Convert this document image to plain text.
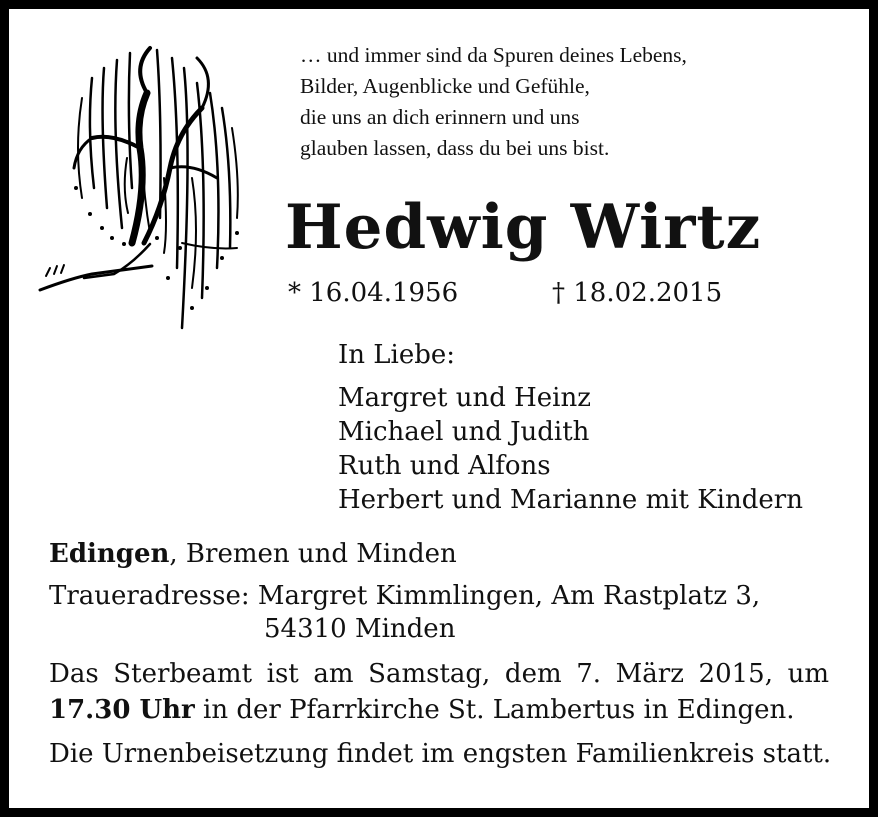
… und immer sind da Spuren deines Lebens,
Bilder, Augenblicke und Gefühle,
die uns an dich erinnern und uns
glauben lassen, dass du bei uns bist.
Hedwig Wirtz
* 16.04.1956	† 18.02.2015
In Liebe:
Margret und Heinz
Michael und Judith
Ruth und Alfons
Herbert und Marianne mit Kindern
Edingen, Bremen und Minden
Traueradresse: Margret Kimmlingen, Am Rastplatz 3,
54310 Minden
Das Sterbeamt ist am Samstag, dem 7. März 2015, um
17.30 Uhr in der Pfarrkirche St. Lambertus in Edingen.
Die Urnenbeisetzung findet im engsten Familienkreis statt.
